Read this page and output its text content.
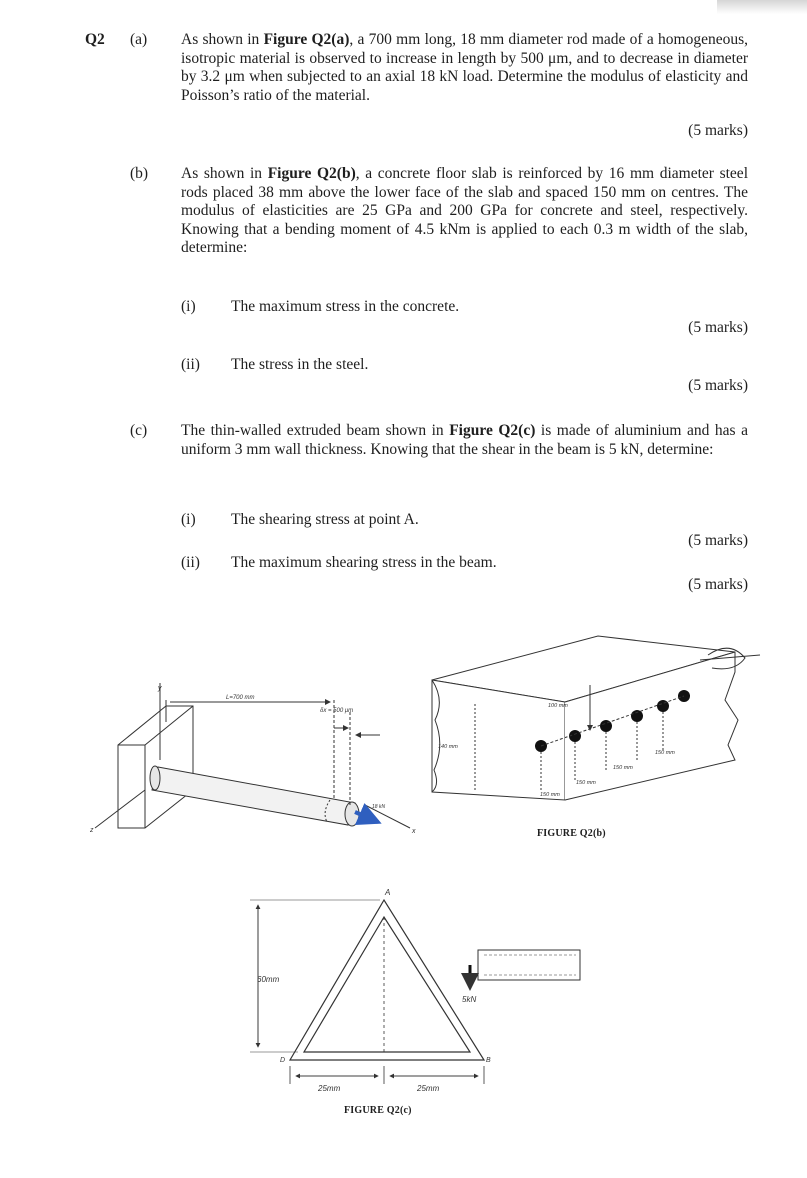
Q2 (a) As shown in Figure Q2(a), a 700 mm long, 18 mm diameter rod made of a homogeneous, isotropic material is observed to increase in length by 500 μm, and to decrease in diameter by 3.2 μm when subjected to an axial 18 kN load. Determine the modulus of elasticity and Poisson’s ratio of the material.
(5 marks)
(b) As shown in Figure Q2(b), a concrete floor slab is reinforced by 16 mm diameter steel rods placed 38 mm above the lower face of the slab and spaced 150 mm on centres. The modulus of elasticities are 25 GPa and 200 GPa for concrete and steel, respectively. Knowing that a bending moment of 4.5 kNm is applied to each 0.3 m width of the slab, determine:
(i) The maximum stress in the concrete.
(5 marks)
(ii) The stress in the steel.
(5 marks)
(c) The thin-walled extruded beam shown in Figure Q2(c) is made of aluminium and has a uniform 3 mm wall thickness. Knowing that the shear in the beam is 5 kN, determine:
(i) The shearing stress at point A.
(5 marks)
(ii) The maximum shearing stress in the beam.
(5 marks)
y
x
z
L=700 mm
δx = 500 μm
18 kN
100 mm
140 mm
150 mm
150 mm
150 mm
150 mm
FIGURE Q2(b)
A
B
D
60mm
25mm	25mm
5kN
FIGURE Q2(c)
